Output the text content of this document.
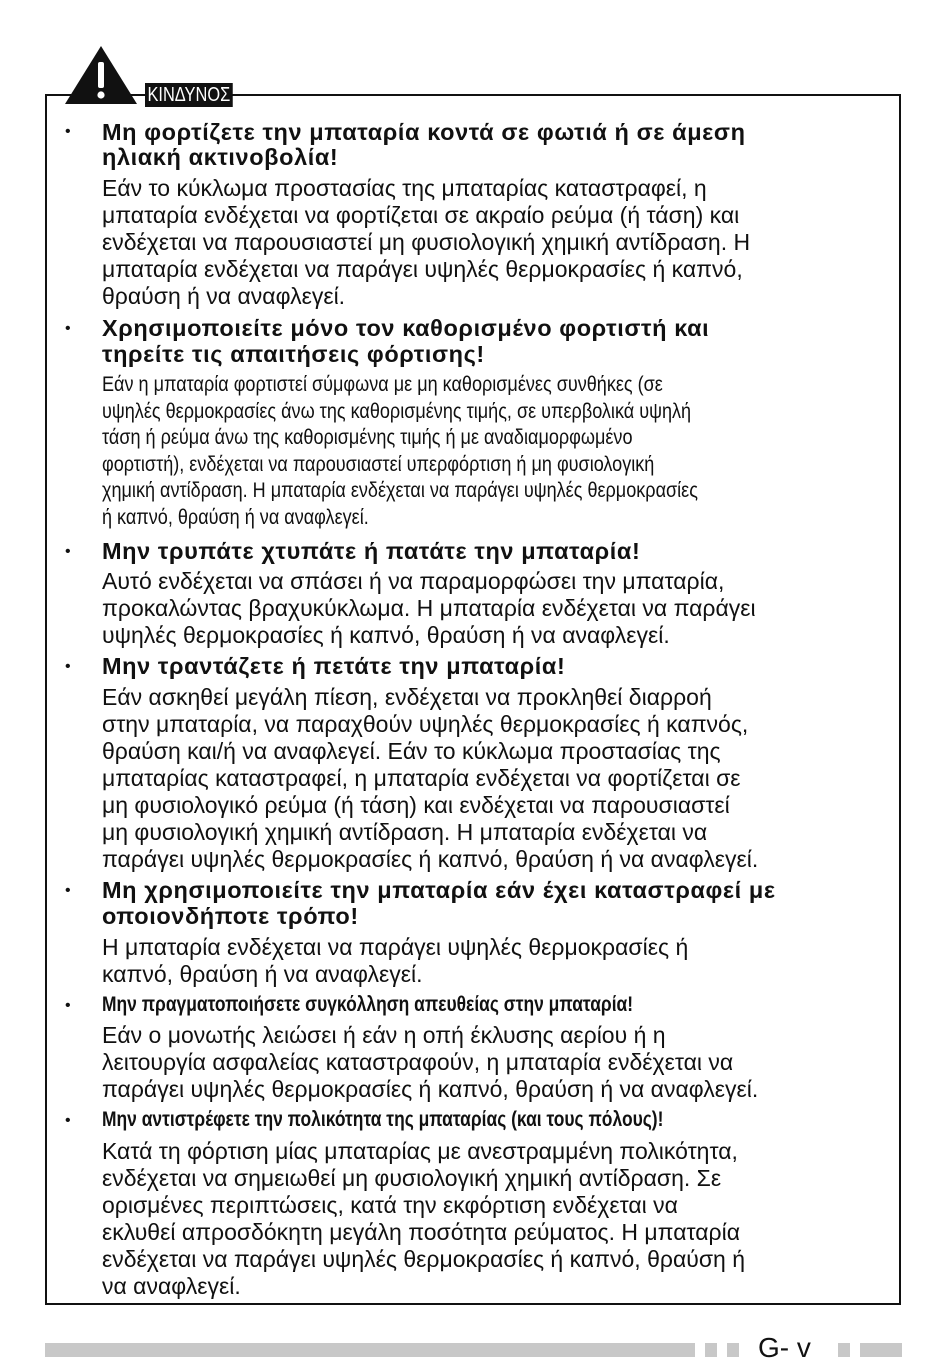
ΚΙΝΔΥΝΟΣ
• Μη φορτίζετε την μπαταρία κοντά σε φωτιά ή σε άμεση
ηλιακή ακτινοβολία!
Εάν το κύκλωμα προστασίας της μπαταρίας καταστραφεί, η
μπαταρία ενδέχεται να φορτίζεται σε ακραίο ρεύμα (ή τάση) και
ενδέχεται να παρουσιαστεί μη φυσιολογική χημική αντίδραση. Η
μπαταρία ενδέχεται να παράγει υψηλές θερμοκρασίες ή καπνό,
θραύση ή να αναφλεγεί.
• Χρησιμοποιείτε μόνο τον καθορισμένο φορτιστή και
τηρείτε τις απαιτήσεις φόρτισης!
Εάν η μπαταρία φορτιστεί σύμφωνα με μη καθορισμένες συνθήκες (σε
υψηλές θερμοκρασίες άνω της καθορισμένης τιμής, σε υπερβολικά υψηλή
τάση ή ρεύμα άνω της καθορισμένης τιμής ή με αναδιαμορφωμένο
φορτιστή), ενδέχεται να παρουσιαστεί υπερφόρτιση ή μη φυσιολογική
χημική αντίδραση. Η μπαταρία ενδέχεται να παράγει υψηλές θερμοκρασίες
ή καπνό, θραύση ή να αναφλεγεί.
• Μην τρυπάτε χτυπάτε ή πατάτε την μπαταρία!
Αυτό ενδέχεται να σπάσει ή να παραμορφώσει την μπαταρία,
προκαλώντας βραχυκύκλωμα. Η μπαταρία ενδέχεται να παράγει
υψηλές θερμοκρασίες ή καπνό, θραύση ή να αναφλεγεί.
• Μην τραντάζετε ή πετάτε την μπαταρία!
Εάν ασκηθεί μεγάλη πίεση, ενδέχεται να προκληθεί διαρροή
στην μπαταρία, να παραχθούν υψηλές θερμοκρασίες ή καπνός,
θραύση και/ή να αναφλεγεί. Εάν το κύκλωμα προστασίας της
μπαταρίας καταστραφεί, η μπαταρία ενδέχεται να φορτίζεται σε
μη φυσιολογικό ρεύμα (ή τάση) και ενδέχεται να παρουσιαστεί
μη φυσιολογική χημική αντίδραση. Η μπαταρία ενδέχεται να
παράγει υψηλές θερμοκρασίες ή καπνό, θραύση ή να αναφλεγεί.
• Μη χρησιμοποιείτε την μπαταρία εάν έχει καταστραφεί με
οποιονδήποτε τρόπο!
Η μπαταρία ενδέχεται να παράγει υψηλές θερμοκρασίες ή
καπνό, θραύση ή να αναφλεγεί.
• Μην πραγματοποιήσετε συγκόλληση απευθείας στην μπαταρία!
Εάν ο μονωτής λειώσει ή εάν η οπή έκλυσης αερίου ή η
λειτουργία ασφαλείας καταστραφούν, η μπαταρία ενδέχεται να
παράγει υψηλές θερμοκρασίες ή καπνό, θραύση ή να αναφλεγεί.
• Μην αντιστρέφετε την πολικότητα της μπαταρίας (και τους πόλους)!
Κατά τη φόρτιση μίας μπαταρίας με ανεστραμμένη πολικότητα,
ενδέχεται να σημειωθεί μη φυσιολογική χημική αντίδραση. Σε
ορισμένες περιπτώσεις, κατά την εκφόρτιση ενδέχεται να
εκλυθεί απροσδόκητη μεγάλη ποσότητα ρεύματος. Η μπαταρία
ενδέχεται να παράγει υψηλές θερμοκρασίες ή καπνό, θραύση ή
να αναφλεγεί.
G- v
